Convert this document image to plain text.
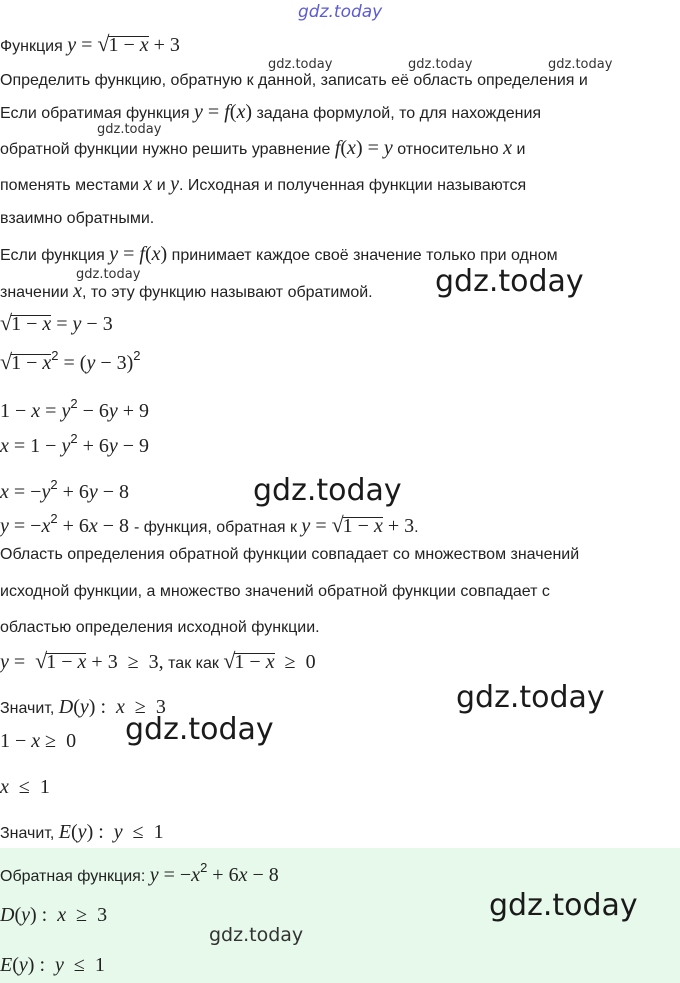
gdz.today
gdz.today	gdz.today	gdz.today
gdz.today
gdz.today	gdz.today
gdz.today
gdz.today
gdz.today
gdz.today
gdz.today
Функция y = √1 − x + 3
Определить функцию, обратную к данной, записать её область определения и
Если обратимая функция y = f(x) задана формулой, то для нахождения
обратной функции нужно решить уравнение f(x) = y относительно x и
поменять местами x и y. Исходная и полученная функции называются
взаимно обратными.
Если функция y = f(x) принимает каждое своё значение только при одном
значении x, то эту функцию называют обратимой.
√1 − x = y − 3
$√1 - x^2 = (y - 3)^2$
$1 - x = y^2 - 6y + 9$
$x = 1 - y^2 + 6y - 9$
$x = -y^2 + 6y - 8$
$y = -x^2 + 6x - 8$ - функция, обратная к y = √1 − x + 3.
Область определения обратной функции совпадает со множеством значений
исходной функции, а множество значений обратной функции совпадает с
областью определения исходной функции.
y =  √1 − x + 3  ≥  3, так как √1 − x  ≥  0
Значит, D(y) :  x  ≥  3
1 − x ≥  0
x  ≤  1
Значит, E(y) :  y  ≤  1
Обратная функция: $y = -x^2 + 6x - 8$
D(y) :  x  ≥  3
E(y) :  y  ≤  1
